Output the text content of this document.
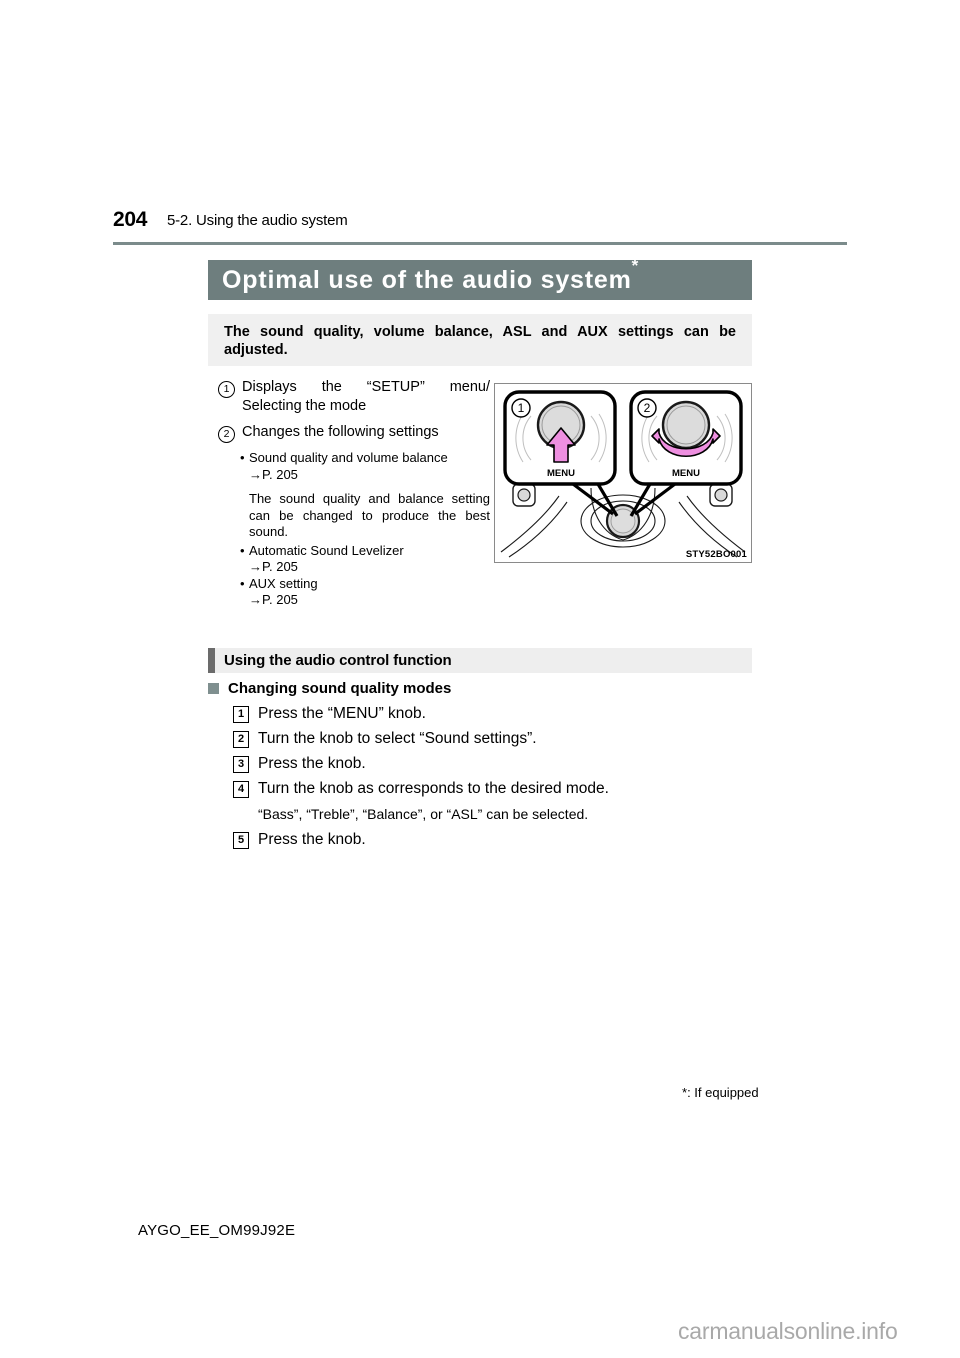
204 5-2. Using the audio system
Optimal use of the audio system*

The sound quality, volume balance, ASL and AUX settings can be adjusted.

1 Displays the “SETUP” menu/ Selecting the mode
2 Changes the following settings
• Sound quality and volume balance
→P. 205
The sound quality and balance setting can be changed to produce the best sound.
• Automatic Sound Levelizer
→P. 205
• AUX setting
→P. 205
MENU	MENU
1	2
STY52BO001
Using the audio control function
Changing sound quality modes
1 Press the “MENU” knob.
2 Turn the knob to select “Sound settings”.
3 Press the knob.
4 Turn the knob as corresponds to the desired mode.
“Bass”, “Treble”, “Balance”, or “ASL” can be selected.
5 Press the knob.
*: If equipped
AYGO_EE_OM99J92E
carmanualsonline.info
